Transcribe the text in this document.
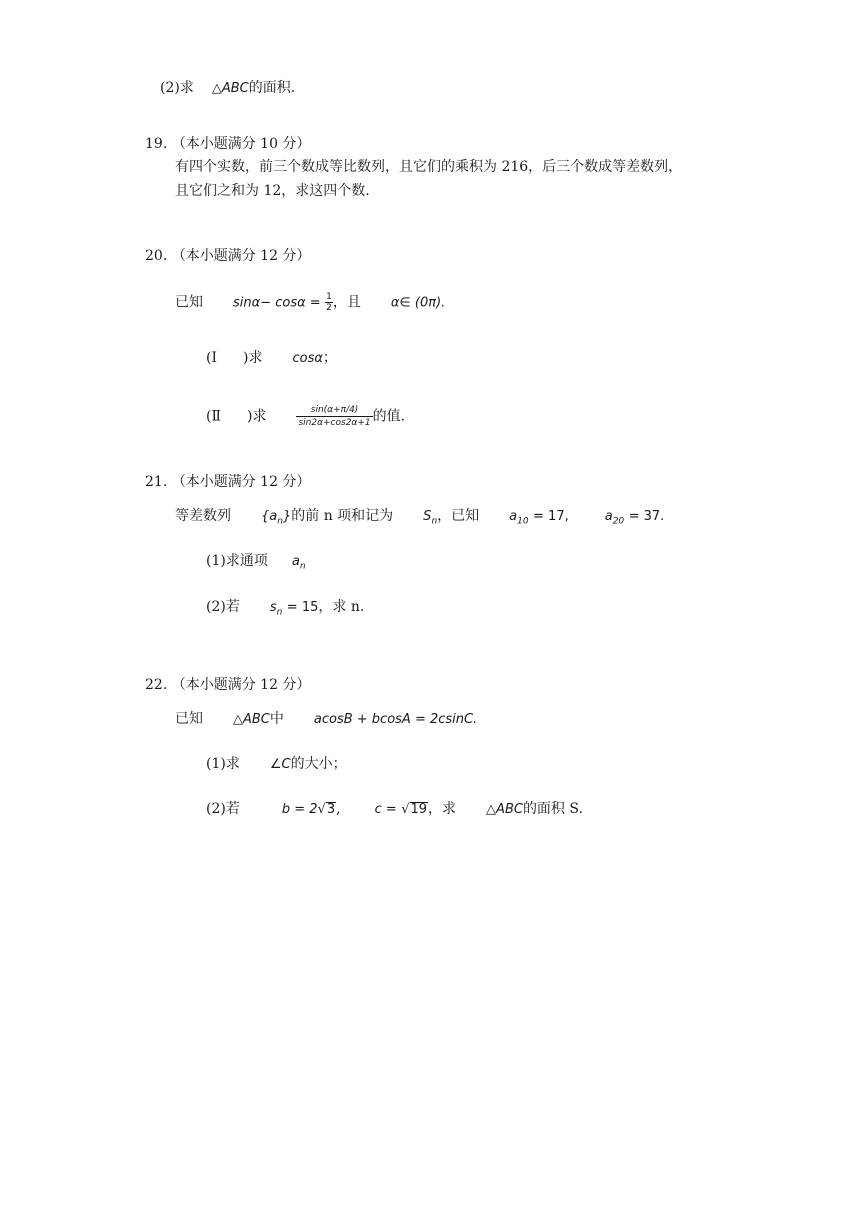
(2)求 △ABC的面积.
19. （本小题满分 10 分）
有四个实数，前三个数成等比数列，且它们的乘积为 216，后三个数成等差数列，
且它们之和为 12，求这四个数.
20. （本小题满分 12 分）
已知 $\sin\alpha- \cos\alpha = \frac{1}{2}$ ，且 α∈ (0π).
(Ⅰ )求 cosα；
(Ⅱ )求	$\frac{\sin(\alpha+\pi/4)}{\sin 2\alpha+\cos 2\alpha+1}$ 的值.
21. （本小题满分 12 分）
等差数列 $\{a_n\}$的前 n 项和记为 $S_n$，已知 $a_{10} = 17$,	$a_{20} = 37$.
(1)求通项 $a_n$
(2)若 $s_n = 15$，求 n.
22. （本小题满分 12 分）
已知 △ABC中 acosB + bcosA = 2csinC.
(1)求 ∠C的大小；
(2)若	b = 2√3,	c = √19，求 △ABC的面积 S.
